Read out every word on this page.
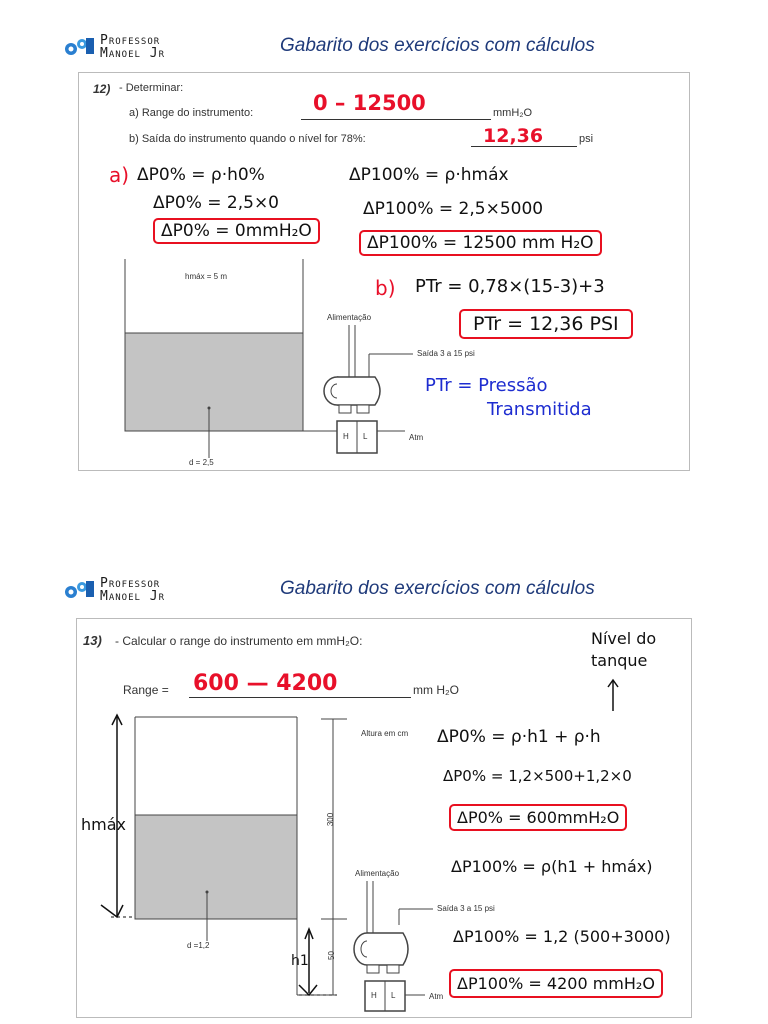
Professor
Manoel Jr	Gabarito dos exercícios com cálculos
12) - Determinar:
a) Range do instrumento:	0 – 12500	mmH₂O
b) Saída do instrumento quando o nível for 78%:	12,36	psi
a) ΔP0% = ρ·h0%
ΔP0% = 2,5×0
ΔP0% = 0mmH₂O
ΔP100% = ρ·hmáx
ΔP100% = 2,5×5000
ΔP100% = 12500 mm H₂O
b) PTr = 0,78×(15-3)+3
PTr = 12,36 PSI
PTr = Pressão
Transmitida
hmáx = 5 m
Alimentação
Saída 3 a 15 psi
H L	Atm
d = 2,5
Professor
Manoel Jr	Gabarito dos exercícios com cálculos
13) - Calcular o range do instrumento em mmH₂O:
Range = 600 — 4200	mm H₂O
Nível do
tanque
ΔP0% = ρ·h1 + ρ·h
ΔP0% = 1,2×500+1,2×0
ΔP0% = 600mmH₂O
ΔP100% = ρ(h1 + hmáx)
ΔP100% = 1,2 (500+3000)
ΔP100% = 4200 mmH₂O
hmáx
h1
Altura em cm
300
50
Alimentação
Saída 3 a 15 psi
H L	Atm
d =1,2
